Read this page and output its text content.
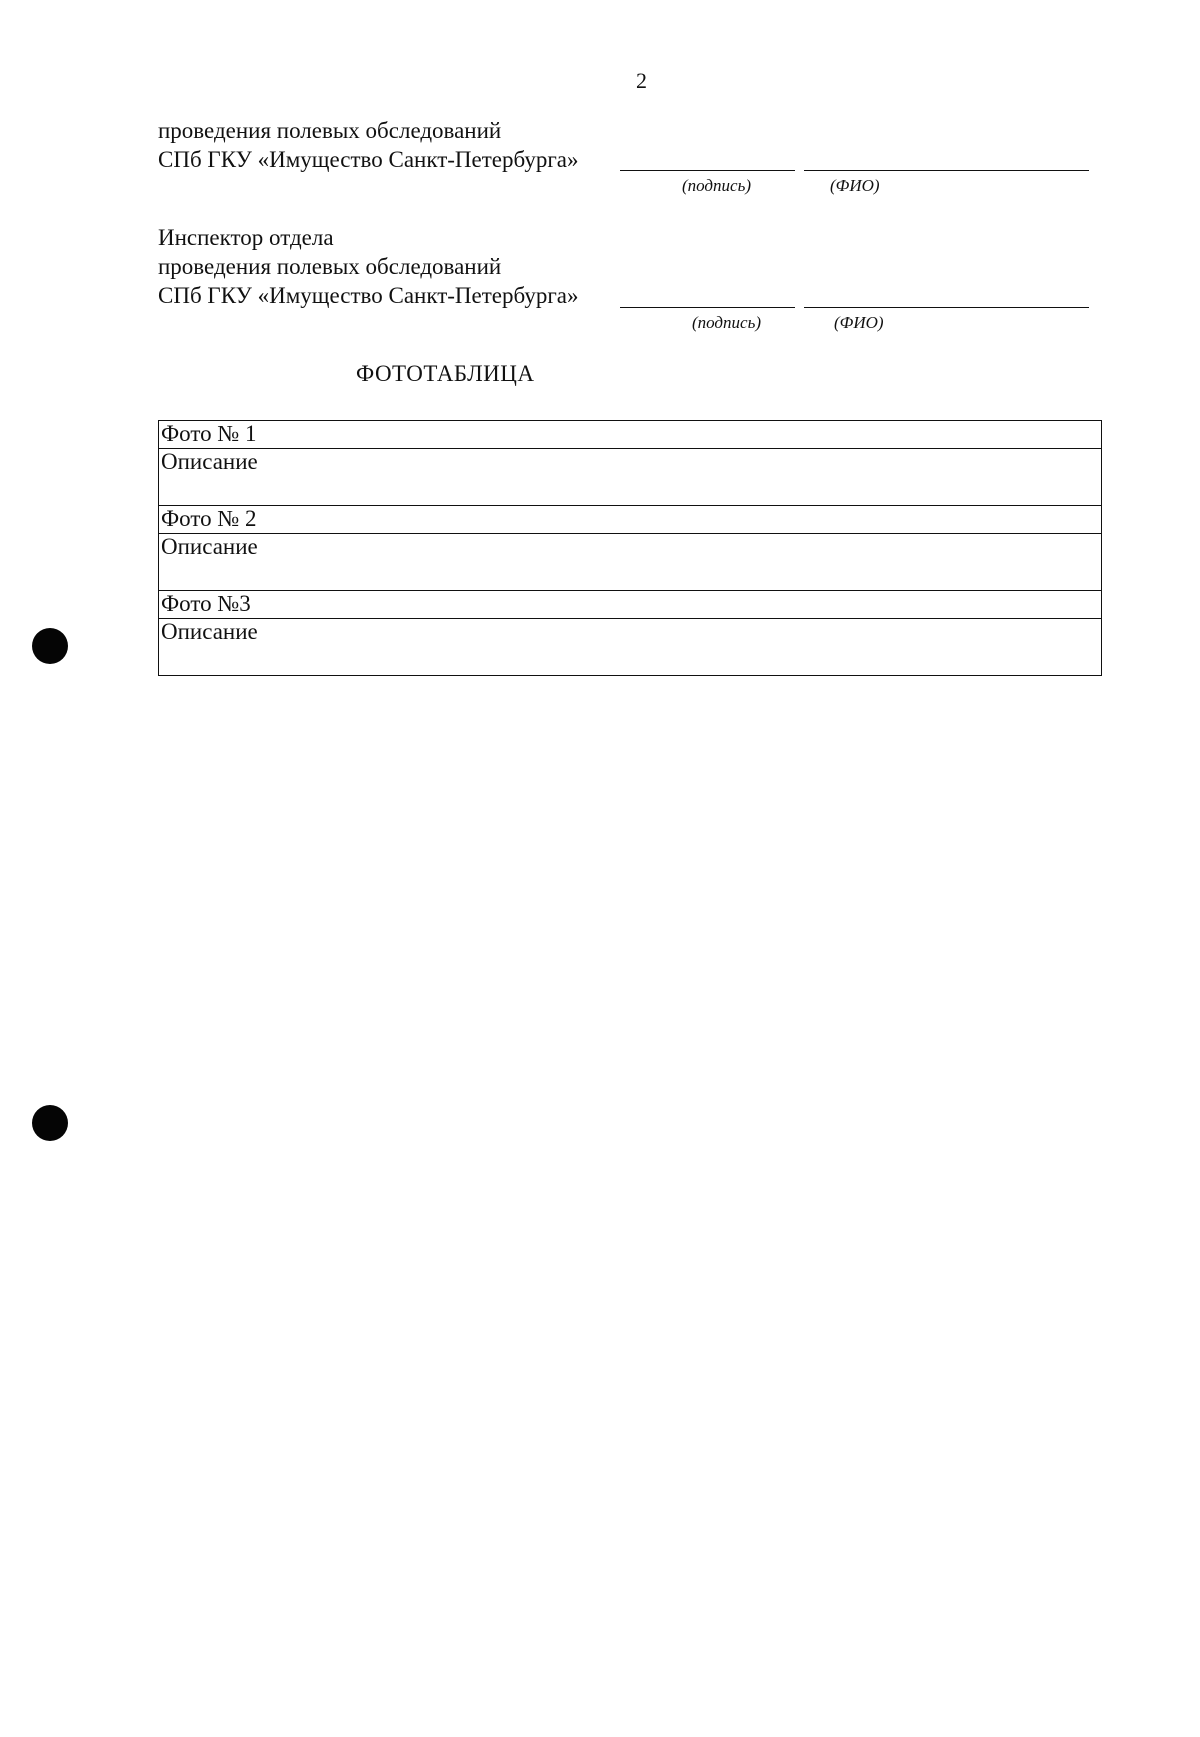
2
проведения полевых обследований
СПб ГКУ «Имущество Санкт-Петербурга»
(подпись)	(ФИО)
Инспектор отдела
проведения полевых обследований
СПб ГКУ «Имущество Санкт-Петербурга»
(подпись)	(ФИО)
ФОТОТАБЛИЦА
Фото № 1
Описание
Фото № 2
Описание
Фото №3
Описание
